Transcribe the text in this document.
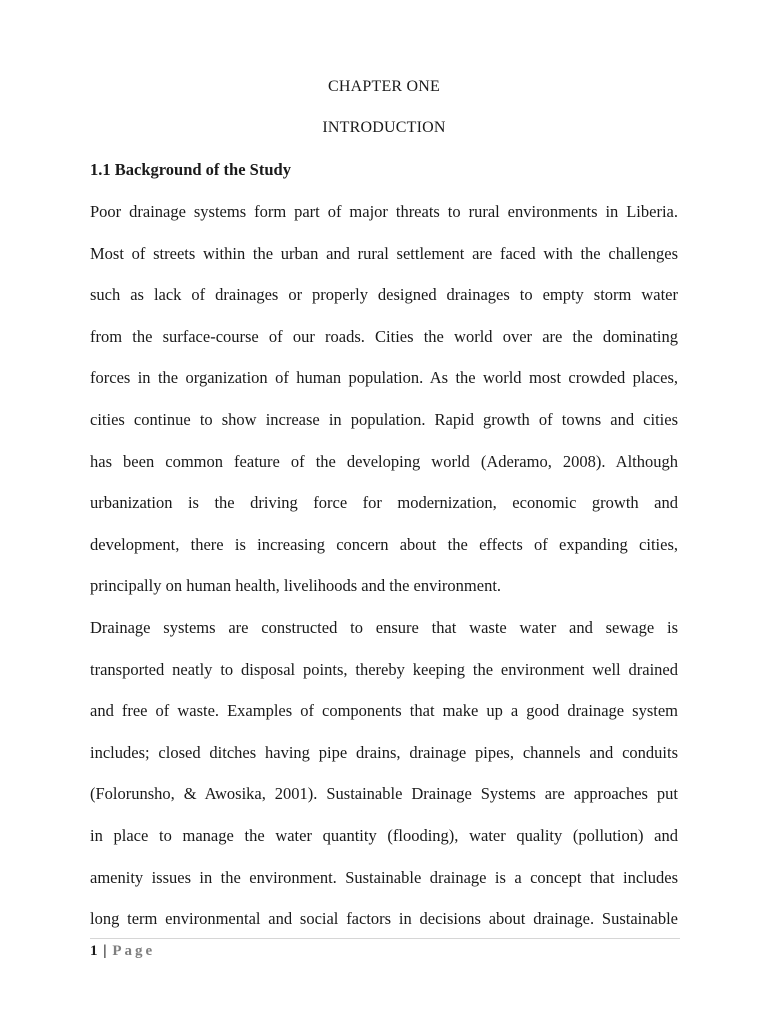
CHAPTER ONE
INTRODUCTION
1.1 Background of the Study
Poor drainage systems form part of major threats to rural environments in Liberia.
Most of streets within the urban and rural settlement are faced with the challenges
such as lack of drainages or properly designed drainages to empty storm water
from the surface-course of our roads. Cities the world over are the dominating
forces in the organization of human population. As the world most crowded places,
cities continue to show increase in population. Rapid growth of towns and cities
has been common feature of the developing world (Aderamo, 2008). Although
urbanization is the driving force for modernization, economic growth and
development, there is increasing concern about the effects of expanding cities,
principally on human health, livelihoods and the environment.
Drainage systems are constructed to ensure that waste water and sewage is
transported neatly to disposal points, thereby keeping the environment well drained
and free of waste. Examples of components that make up a good drainage system
includes; closed ditches having pipe drains, drainage pipes, channels and conduits
(Folorunsho, & Awosika, 2001). Sustainable Drainage Systems are approaches put
in place to manage the water quantity (flooding), water quality (pollution) and
amenity issues in the environment. Sustainable drainage is a concept that includes
long term environmental and social factors in decisions about drainage. Sustainable
1 | Page
